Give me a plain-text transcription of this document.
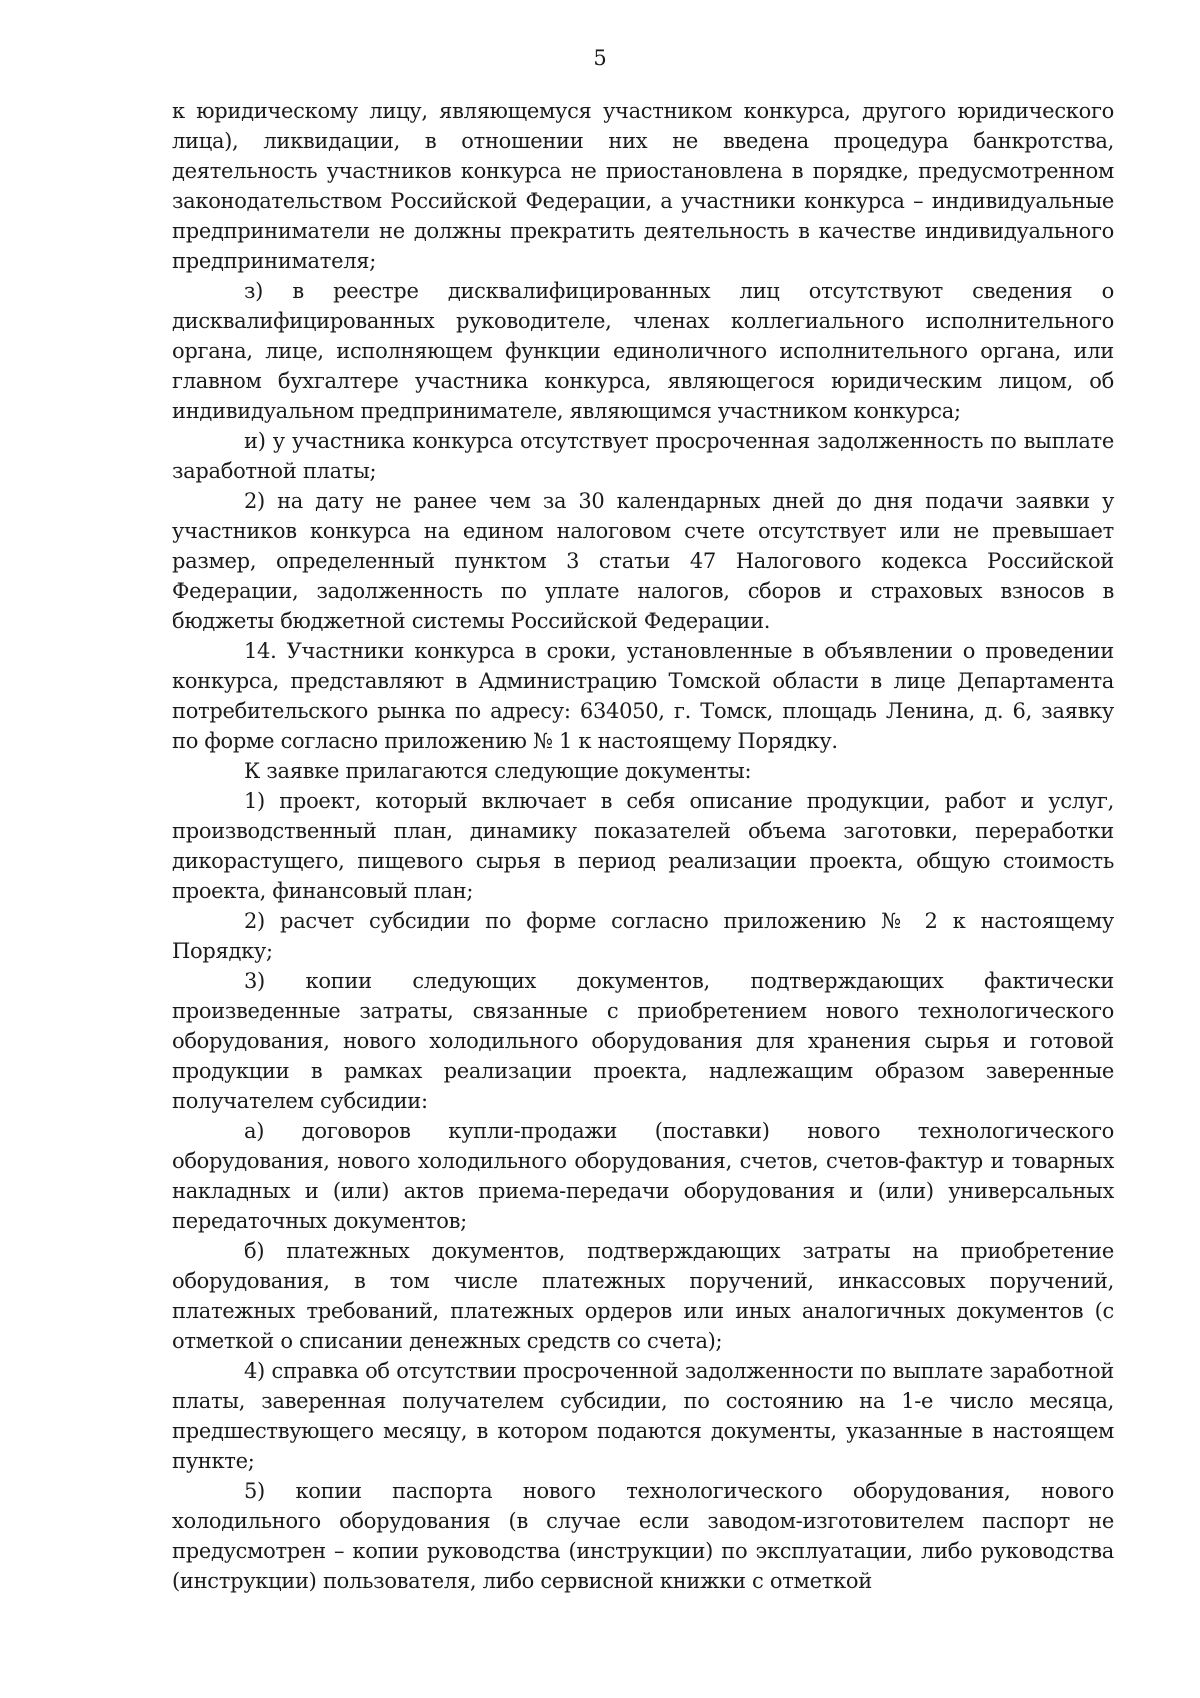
5

к юридическому лицу, являющемуся участником конкурса, другого юридического лица), ликвидации, в отношении них не введена процедура банкротства, деятельность участников конкурса не приостановлена в порядке, предусмотренном законодательством Российской Федерации, а участники конкурса – индивидуальные предприниматели не должны прекратить деятельность в качестве индивидуального предпринимателя;

з) в реестре дисквалифицированных лиц отсутствуют сведения о дисквалифицированных руководителе, членах коллегиального исполнительного органа, лице, исполняющем функции единоличного исполнительного органа, или главном бухгалтере участника конкурса, являющегося юридическим лицом, об индивидуальном предпринимателе, являющимся участником конкурса;

и) у участника конкурса отсутствует просроченная задолженность по выплате заработной платы;

2) на дату не ранее чем за 30 календарных дней до дня подачи заявки у участников конкурса на едином налоговом счете отсутствует или не превышает размер, определенный пунктом 3 статьи 47 Налогового кодекса Российской Федерации, задолженность по уплате налогов, сборов и страховых взносов в бюджеты бюджетной системы Российской Федерации.

14. Участники конкурса в сроки, установленные в объявлении о проведении конкурса, представляют в Администрацию Томской области в лице Департамента потребительского рынка по адресу: 634050, г. Томск, площадь Ленина, д. 6, заявку по форме согласно приложению № 1 к настоящему Порядку.

К заявке прилагаются следующие документы:

1) проект, который включает в себя описание продукции, работ и услуг, производственный план, динамику показателей объема заготовки, переработки дикорастущего, пищевого сырья в период реализации проекта, общую стоимость проекта, финансовый план;

2) расчет субсидии по форме согласно приложению № 2 к настоящему Порядку;

3) копии следующих документов, подтверждающих фактически произведенные затраты, связанные с приобретением нового технологического оборудования, нового холодильного оборудования для хранения сырья и готовой продукции в рамках реализации проекта, надлежащим образом заверенные получателем субсидии:

а) договоров купли-продажи (поставки) нового технологического оборудования, нового холодильного оборудования, счетов, счетов-фактур и товарных накладных и (или) актов приема-передачи оборудования и (или) универсальных передаточных документов;

б) платежных документов, подтверждающих затраты на приобретение оборудования, в том числе платежных поручений, инкассовых поручений, платежных требований, платежных ордеров или иных аналогичных документов (с отметкой о списании денежных средств со счета);

4) справка об отсутствии просроченной задолженности по выплате заработной платы, заверенная получателем субсидии, по состоянию на 1-е число месяца, предшествующего месяцу, в котором подаются документы, указанные в настоящем пункте;

5) копии паспорта нового технологического оборудования, нового холодильного оборудования (в случае если заводом-изготовителем паспорт не предусмотрен – копии руководства (инструкции) по эксплуатации, либо руководства (инструкции) пользователя, либо сервисной книжки с отметкой
